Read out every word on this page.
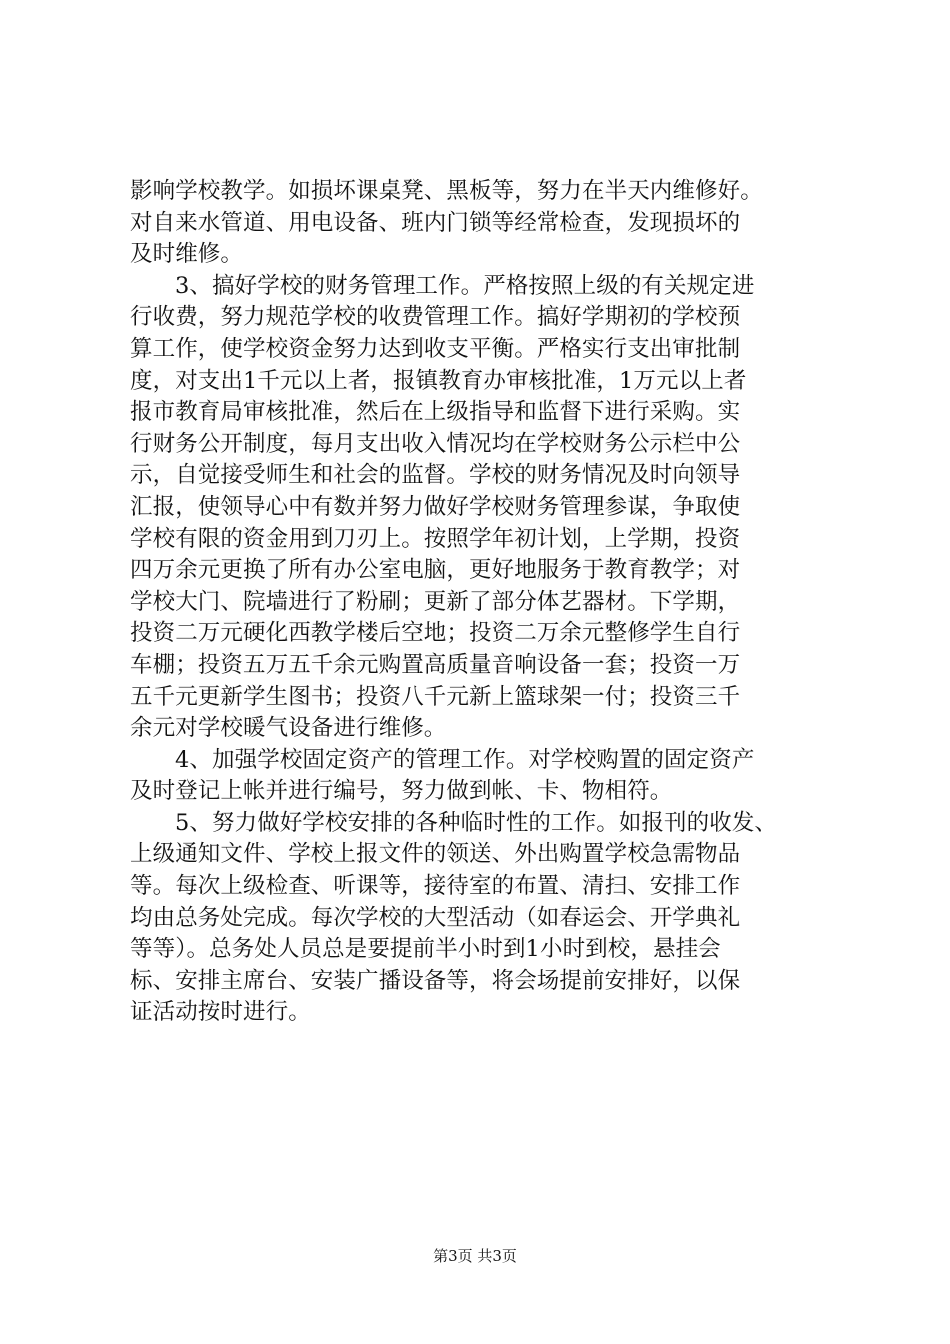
影响学校教学。如损坏课桌凳、黑板等，努力在半天内维修好。
对自来水管道、用电设备、班内门锁等经常检查，发现损坏的
及时维修。
3、搞好学校的财务管理工作。严格按照上级的有关规定进
行收费，努力规范学校的收费管理工作。搞好学期初的学校预
算工作，使学校资金努力达到收支平衡。严格实行支出审批制
度，对支出1千元以上者，报镇教育办审核批准，1万元以上者
报市教育局审核批准，然后在上级指导和监督下进行采购。实
行财务公开制度，每月支出收入情况均在学校财务公示栏中公
示，自觉接受师生和社会的监督。学校的财务情况及时向领导
汇报，使领导心中有数并努力做好学校财务管理参谋，争取使
学校有限的资金用到刀刃上。按照学年初计划，上学期，投资
四万余元更换了所有办公室电脑，更好地服务于教育教学；对
学校大门、院墙进行了粉刷；更新了部分体艺器材。下学期，
投资二万元硬化西教学楼后空地；投资二万余元整修学生自行
车棚；投资五万五千余元购置高质量音响设备一套；投资一万
五千元更新学生图书；投资八千元新上篮球架一付；投资三千
余元对学校暖气设备进行维修。
4、加强学校固定资产的管理工作。对学校购置的固定资产
及时登记上帐并进行编号，努力做到帐、卡、物相符。
5、努力做好学校安排的各种临时性的工作。如报刊的收发、
上级通知文件、学校上报文件的领送、外出购置学校急需物品
等。每次上级检查、听课等，接待室的布置、清扫、安排工作
均由总务处完成。每次学校的大型活动（如春运会、开学典礼
等等）。总务处人员总是要提前半小时到1小时到校，悬挂会
标、安排主席台、安装广播设备等，将会场提前安排好，以保
证活动按时进行。
第3页 共3页
